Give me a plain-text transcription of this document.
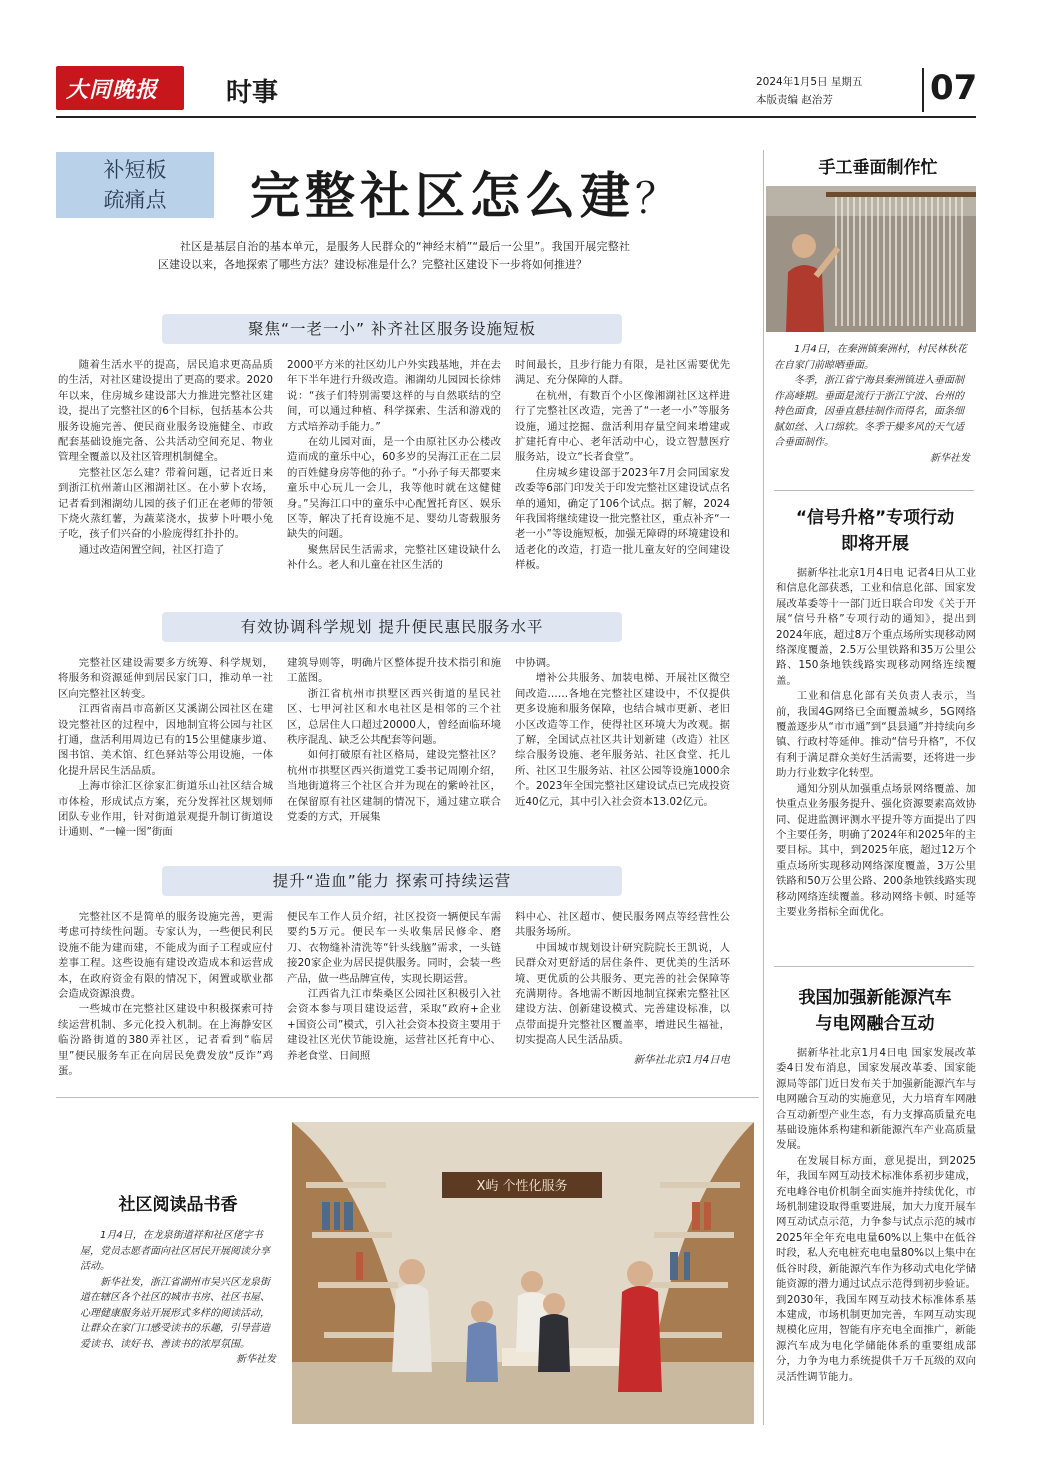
大同晚报	时事	2024年1月5日 星期五
本版责编 赵治芳	07
补短板
疏痛点	完整社区怎么建？

社区是基层自治的基本单元，是服务人民群众的“神经末梢”“最后一公里”。我国开展完整社区建设以来，各地探索了哪些方法？建设标准是什么？完整社区建设下一步将如何推进？

聚焦“一老一小” 补齐社区服务设施短板

随着生活水平的提高，居民追求更高品质的生活，对社区建设提出了更高的要求。2020年以来，住房城乡建设部大力推进完整社区建设，提出了完整社区的6个目标，包括基本公共服务设施完善、便民商业服务设施健全、市政配套基础设施完备、公共活动空间充足、物业管理全覆盖以及社区管理机制健全。

完整社区怎么建？带着问题，记者近日来到浙江杭州萧山区湘湖社区。在小萝卜农场，记者看到湘湖幼儿园的孩子们正在老师的带领下烧火蒸红薯，为蔬菜浇水，拔萝卜叶喂小兔子吃，孩子们兴奋的小脸庞得红扑扑的。

通过改造闲置空间，社区打造了

2000平方米的社区幼儿户外实践基地，并在去年下半年进行升级改造。湘湖幼儿园园长徐炜说：“孩子们特别需要这样的与自然联结的空间，可以通过种植、科学探索、生活和游戏的方式培养动手能力。”

在幼儿园对面，是一个由原社区办公楼改造而成的童乐中心，60多岁的吴海江正在二层的百姓健身房等他的孙子。“小孙子每天都要来童乐中心玩儿一会儿，我等他时就在这健健身。”吴海江口中的童乐中心配置托育区、娱乐区等，解决了托育设施不足、婴幼儿寄载服务缺失的问题。

聚焦居民生活需求，完整社区建设缺什么补什么。老人和儿童在社区生活的

时间最长，且步行能力有限，是社区需要优先满足、充分保障的人群。

在杭州，有数百个小区像湘湖社区这样进行了完整社区改造，完善了“一老一小”等服务设施，通过挖掘、盘活利用存量空间来增建或扩建托育中心、老年活动中心，设立智慧医疗服务站，设立“长者食堂”。

住房城乡建设部于2023年7月会同国家发改委等6部门印发关于印发完整社区建设试点名单的通知，确定了106个试点。据了解，2024年我国将继续建设一批完整社区，重点补齐“一老一小”等设施短板，加强无障碍的环境建设和适老化的改造，打造一批儿童友好的空间建设样板。

有效协调科学规划 提升便民惠民服务水平

完整社区建设需要多方统筹、科学规划，将服务和资源延伸到居民家门口，推动单一社区向完整社区转变。

江西省南昌市高新区艾溪湖公园社区在建设完整社区的过程中，因地制宜将公园与社区打通，盘活利用周边已有的15公里健康步道、图书馆、美术馆、红色驿站等公用设施，一体化提升居民生活品质。

上海市徐汇区徐家汇街道乐山社区结合城市体检，形成试点方案，充分发挥社区规划师团队专业作用，针对街道景观提升制订街道设计通则、“一幢一图”街面

建筑导则等，明确片区整体提升技术指引和施工蓝图。

浙江省杭州市拱墅区西兴街道的星民社区、七甲河社区和水电社区是相邻的三个社区，总居住人口超过20000人，曾经面临环境秩序混乱、缺乏公共配套等问题。

如何打破原有社区格局，建设完整社区？杭州市拱墅区西兴街道党工委书记周刚介绍，当地街道将三个社区合并为现在的紫岭社区，在保留原有社区建制的情况下，通过建立联合党委的方式，开展集

中协调。

增补公共服务、加装电梯、开展社区微空间改造……各地在完整社区建设中，不仅提供更多设施和服务保障，也结合城市更新、老旧小区改造等工作，使得社区环境大为改观。据了解，全国试点社区共计划新建（改造）社区综合服务设施、老年服务站、社区食堂、托儿所、社区卫生服务站、社区公园等设施1000余个。2023年全国完整社区建设试点已完成投资近40亿元，其中引入社会资本13.02亿元。

提升“造血”能力 探索可持续运营

完整社区不是简单的服务设施完善，更需考虑可持续性问题。专家认为，一些便民利民设施不能为建而建，不能成为面子工程或应付差事工程。这些设施有建设改造成本和运营成本，在政府资金有限的情况下，闲置或歇业都会造成资源浪费。

一些城市在完整社区建设中积极探索可持续运营机制、多元化投入机制。在上海静安区临汾路街道的380弄社区，记者看到“临居里”便民服务车正在向居民免费发放“反诈”鸡蛋。

便民车工作人员介绍，社区投资一辆便民车需要约5万元。便民车一头收集居民修伞、磨刀、衣物缝补清洗等“针头线脑”需求，一头链接20家企业为居民提供服务。同时，会装一些产品，做一些品牌宣传，实现长期运营。

江西省九江市柴桑区公园社区积极引入社会资本参与项目建设运营，采取“政府+企业+国资公司”模式，引入社会资本投资主要用于建设社区光伏节能设施，运营社区托育中心、养老食堂、日间照

料中心、社区超市、便民服务网点等经营性公共服务场所。

中国城市规划设计研究院院长王凯说，人民群众对更舒适的居住条件、更优美的生活环境、更优质的公共服务、更完善的社会保障等充满期待。各地需不断因地制宜探索完整社区建设方法、创新建设模式、完善建设标准，以点带面提升完整社区覆盖率，增进民生福祉，切实提高人民生活品质。

新华社北京1月4日电

手工垂面制作忙

1月4日，在秦洲镇秦洲村，村民林秋花在自家门前晾晒垂面。

冬季，浙江省宁海县秦洲镇进入垂面制作高峰期。垂面是流行于浙江宁波、台州的特色面食，因垂直悬挂制作而得名，面条细腻如丝、入口绵软。冬季干燥多风的天气适合垂面制作。

新华社发

“信号升格”专项行动
即将开展

据新华社北京1月4日电 记者4日从工业和信息化部获悉，工业和信息化部、国家发展改革委等十一部门近日联合印发《关于开展“信号升格”专项行动的通知》，提出到2024年底，超过8万个重点场所实现移动网络深度覆盖，2.5万公里铁路和35万公里公路、150条地铁线路实现移动网络连续覆盖。

工业和信息化部有关负责人表示，当前，我国4G网络已全面覆盖城乡，5G网络覆盖逐步从“市市通”到“县县通”并持续向乡镇、行政村等延伸。推动“信号升格”，不仅有利于满足群众美好生活需要，还将进一步助力行业数字化转型。

通知分别从加强重点场景网络覆盖、加快重点业务服务提升、强化资源要素高效协同、促进监测评测水平提升等方面提出了四个主要任务，明确了2024年和2025年的主要目标。其中，到2025年底，超过12万个重点场所实现移动网络深度覆盖，3万公里铁路和50万公里公路、200条地铁线路实现移动网络连续覆盖。移动网络卡顿、时延等主要业务指标全面优化。

我国加强新能源汽车
与电网融合互动

据新华社北京1月4日电 国家发展改革委4日发布消息，国家发展改革委、国家能源局等部门近日发布关于加强新能源汽车与电网融合互动的实施意见，大力培育车网融合互动新型产业生态，有力支撑高质量充电基础设施体系构建和新能源汽车产业高质量发展。

在发展目标方面，意见提出，到2025年，我国车网互动技术标准体系初步建成，充电峰谷电价机制全面实施并持续优化，市场机制建设取得重要进展，加大力度开展车网互动试点示范，力争参与试点示范的城市2025年全年充电电量60%以上集中在低谷时段，私人充电桩充电电量80%以上集中在低谷时段，新能源汽车作为移动式电化学储能资源的潜力通过试点示范得到初步验证。到2030年，我国车网互动技术标准体系基本建成，市场机制更加完善，车网互动实现规模化应用，智能有序充电全面推广，新能源汽车成为电化学储能体系的重要组成部分，力争为电力系统提供千万千瓦级的双向灵活性调节能力。

社区阅读品书香

1月4日，在龙泉街道祥和社区佬字书屋，党员志愿者面向社区居民开展阅读分享活动。

新华社发，浙江省湖州市吴兴区龙泉街道在辖区各个社区的城市书房、社区书屋、心理健康服务站开展形式多样的阅读活动，让群众在家门口感受读书的乐趣，引导营造爱读书、读好书、善读书的浓厚氛围。

新华社发

X屿 个性化服务
